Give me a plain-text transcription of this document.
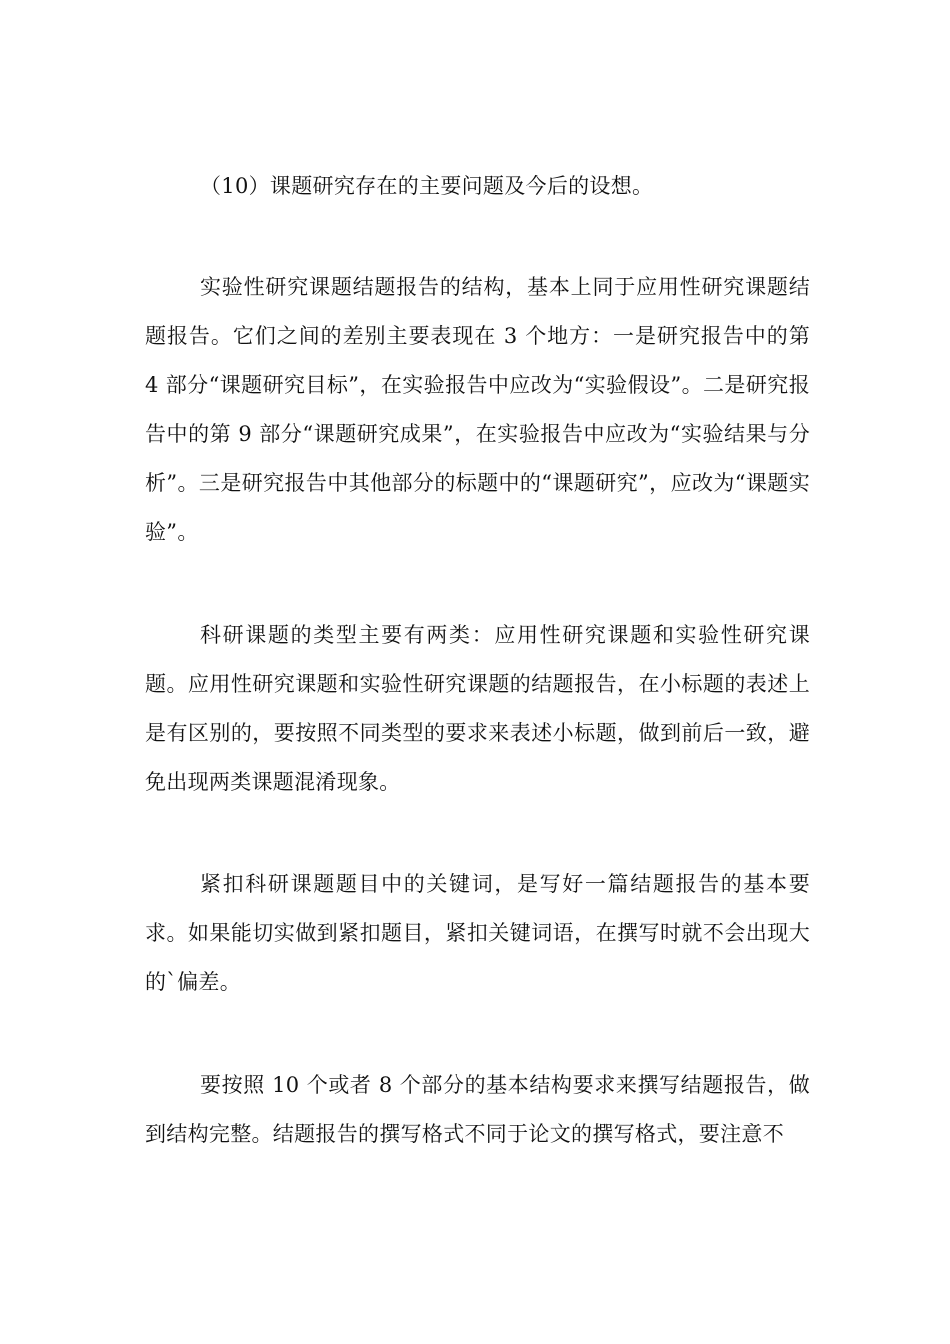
（10）课题研究存在的主要问题及今后的设想。

实验性研究课题结题报告的结构，基本上同于应用性研究课题结题报告。它们之间的差别主要表现在 3 个地方：一是研究报告中的第 4 部分“课题研究目标”，在实验报告中应改为“实验假设”。二是研究报告中的第 9 部分“课题研究成果”，在实验报告中应改为“实验结果与分析”。三是研究报告中其他部分的标题中的“课题研究”，应改为“课题实验”。

科研课题的类型主要有两类：应用性研究课题和实验性研究课题。应用性研究课题和实验性研究课题的结题报告，在小标题的表述上是有区别的，要按照不同类型的要求来表述小标题，做到前后一致，避免出现两类课题混淆现象。

紧扣科研课题题目中的关键词，是写好一篇结题报告的基本要求。如果能切实做到紧扣题目，紧扣关键词语，在撰写时就不会出现大的`偏差。

要按照 10 个或者 8 个部分的基本结构要求来撰写结题报告，做到结构完整。结题报告的撰写格式不同于论文的撰写格式，要注意不
